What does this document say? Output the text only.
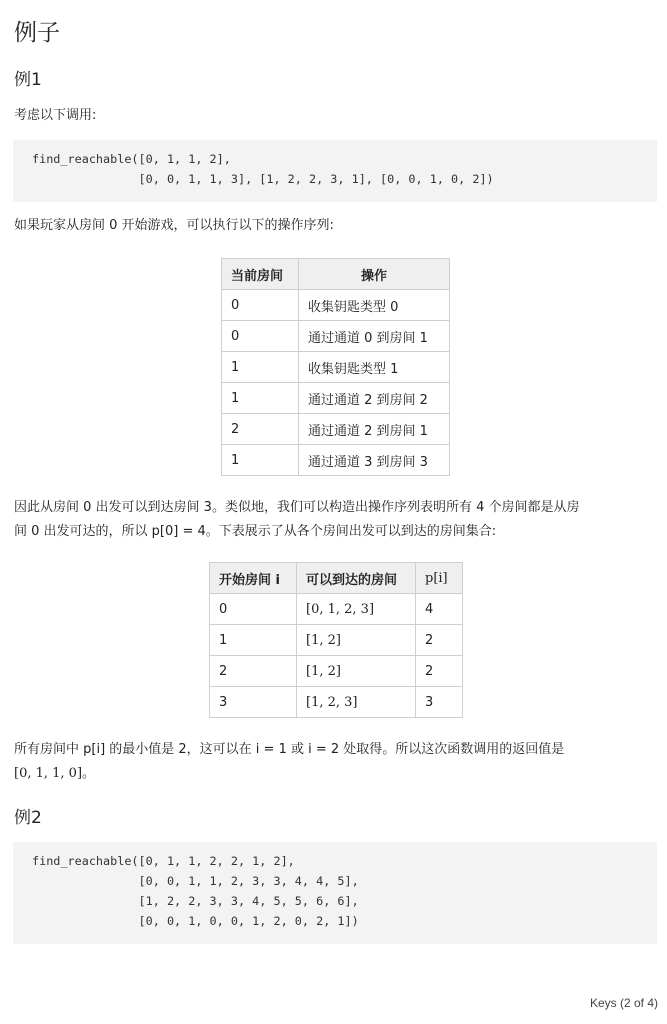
例子
例1

考虑以下调用:

find_reachable([0, 1, 1, 2],
[0, 0, 1, 1, 3], [1, 2, 2, 3, 1], [0, 0, 1, 0, 2])

如果玩家从房间 0 开始游戏，可以执行以下的操作序列:

当前房间	操作
0	收集钥匙类型 0
0	通过通道 0 到房间 1
1	收集钥匙类型 1
1	通过通道 2 到房间 2
2	通过通道 2 到房间 1
1	通过通道 3 到房间 3

因此从房间 0 出发可以到达房间 3。类似地，我们可以构造出操作序列表明所有 4 个房间都是从房

间 0 出发可达的，所以 p[0] = 4。下表展示了从各个房间出发可以到达的房间集合:

开始房间 i	可以到达的房间	p[i]
0	[0, 1, 2, 3]	4
1	[1, 2]	2
2	[1, 2]	2
3	[1, 2, 3]	3

所有房间中 p[i] 的最小值是 2，这可以在 i = 1 或 i = 2 处取得。所以这次函数调用的返回值是

[0, 1, 1, 0]。

例2
find_reachable([0, 1, 1, 2, 2, 1, 2],
[0, 0, 1, 1, 2, 3, 3, 4, 4, 5],
[1, 2, 2, 3, 3, 4, 5, 5, 6, 6],
[0, 0, 1, 0, 0, 1, 2, 0, 2, 1])
Keys (2 of 4)
